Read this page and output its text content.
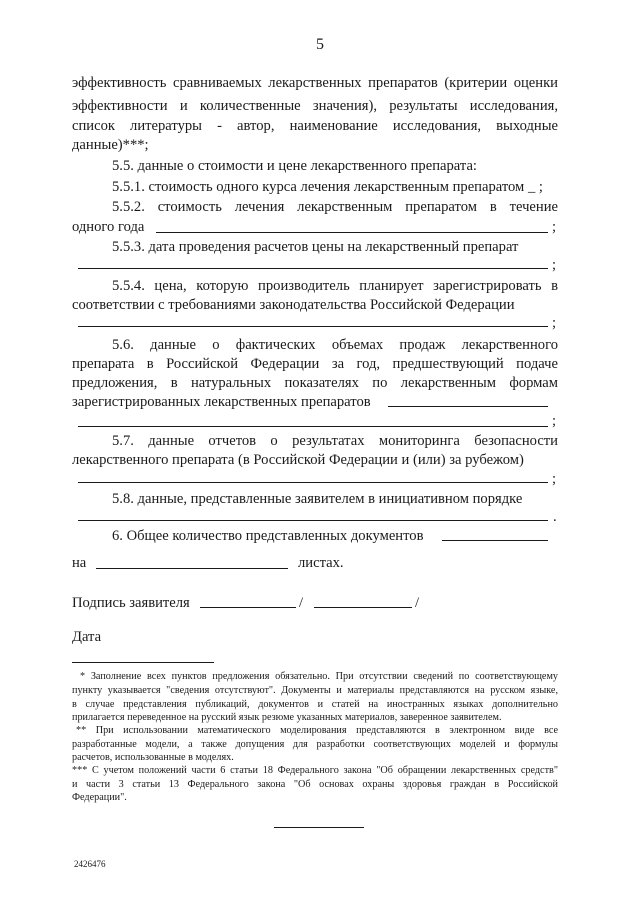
5
эффективность сравниваемых лекарственных препаратов (критерии оценки
эффективности и количественные значения), результаты исследования,
список литературы - автор, наименование исследования, выходные
данные)***;
5.5. данные о стоимости и цене лекарственного препарата:
5.5.1. стоимость одного курса лечения лекарственным препаратом _ ;
5.5.2. стоимость лечения лекарственным препаратом в течение
одного года	;
5.5.3. дата проведения расчетов цены на лекарственный препарат
;
5.5.4. цена, которую производитель планирует зарегистрировать в
соответствии с требованиями законодательства Российской Федерации
;
5.6. данные о фактических объемах продаж лекарственного
препарата в Российской Федерации за год, предшествующий подаче
предложения, в натуральных показателях по лекарственным формам
зарегистрированных лекарственных препаратов
;
5.7. данные отчетов о результатах мониторинга безопасности
лекарственного препарата (в Российской Федерации и (или) за рубежом)
;
5.8. данные, представленные заявителем в инициативном порядке
.
6. Общее количество представленных документов
на	листах.
Подпись заявителя	/	/
Дата
* Заполнение всех пунктов предложения обязательно. При отсутствии сведений по соответствующему
пункту указывается "сведения отсутствуют". Документы и материалы представляются на русском языке,
в случае представления публикаций, документов и статей на иностранных языках дополнительно
прилагается переведенное на русский язык резюме указанных материалов, заверенное заявителем.
** При использовании математического моделирования представляются в электронном виде все
разработанные модели, а также допущения для разработки соответствующих моделей и формулы
расчетов, использованные в моделях.
*** С учетом положений части 6 статьи 18 Федерального закона "Об обращении лекарственных средств"
и части 3 статьи 13 Федерального закона "Об основах охраны здоровья граждан в Российской
Федерации".
2426476
